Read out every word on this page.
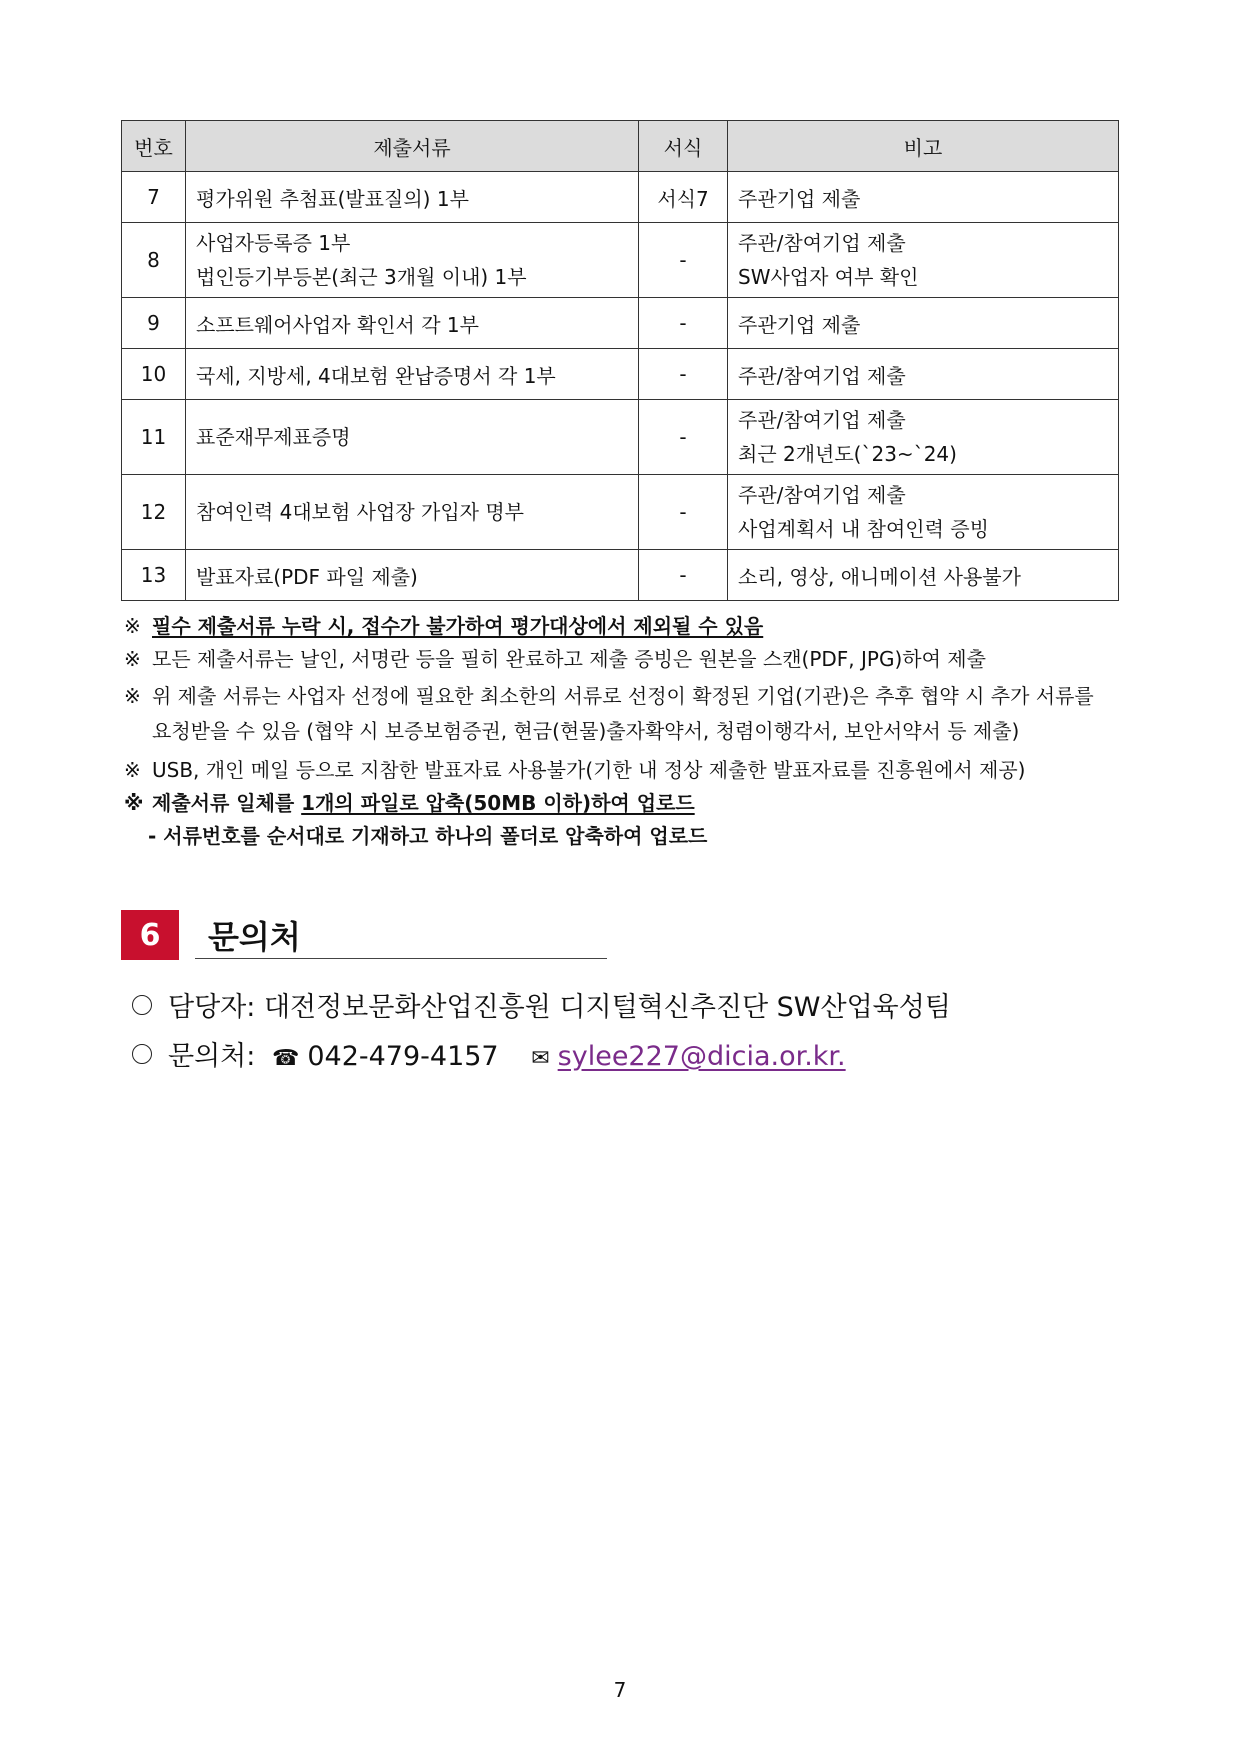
번호	제출서류	서식	비고
7	평가위원 추첨표(발표질의) 1부	서식7	주관기업 제출

8	사업자등록증 1부
법인등기부등본(최근 3개월 이내) 1부	-	주관/참여기업 제출
SW사업자 여부 확인

9	소프트웨어사업자 확인서 각 1부	-	주관기업 제출

10	국세, 지방세, 4대보험 완납증명서 각 1부	-	주관/참여기업 제출

11	표준재무제표증명	-	주관/참여기업 제출
최근 2개년도(`23~`24)

12	참여인력 4대보험 사업장 가입자 명부	-	주관/참여기업 제출
사업계획서 내 참여인력 증빙

13	발표자료(PDF 파일 제출)	-	소리, 영상, 애니메이션 사용불가
※ 필수 제출서류 누락 시, 접수가 불가하여 평가대상에서 제외될 수 있음
※ 모든 제출서류는 날인, 서명란 등을 필히 완료하고 제출 증빙은 원본을 스캔(PDF, JPG)하여 제출
※ 위 제출 서류는 사업자 선정에 필요한 최소한의 서류로 선정이 확정된 기업(기관)은 추후 협약 시 추가 서류를
요청받을 수 있음 (협약 시 보증보험증권, 현금(현물)출자확약서, 청렴이행각서, 보안서약서 등 제출)
※ USB, 개인 메일 등으로 지참한 발표자료 사용불가(기한 내 정상 제출한 발표자료를 진흥원에서 제공)
※ 제출서류 일체를 1개의 파일로 압축(50MB 이하)하여 업로드
- 서류번호를 순서대로 기재하고 하나의 폴더로 압축하여 업로드
6	문의처
담당자: 대전정보문화산업진흥원 디지털혁신추진단 SW산업육성팀
문의처: ☎ 042-479-4157 ✉ sylee227@dicia.or.kr.
7
